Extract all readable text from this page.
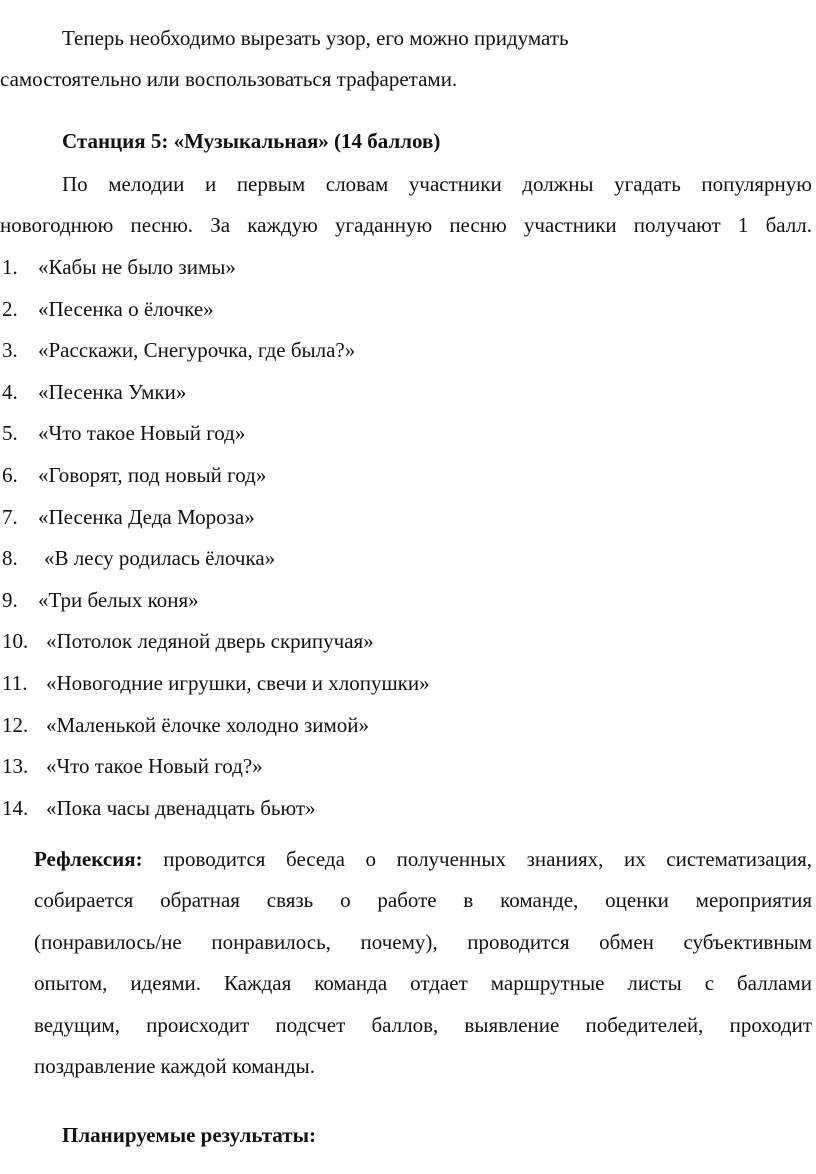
Теперь необходимо вырезать узор, его можно придумать
самостоятельно или воспользоваться трафаретами.
Станция 5: «Музыкальная» (14 баллов)
По мелодии и первым словам участники должны угадать популярную
новогоднюю песню. За каждую угаданную песню участники получают 1 балл.
1. «Кабы не было зимы»
2. «Песенка о ёлочке»
3. «Расскажи, Снегурочка, где была?»
4. «Песенка Умки»
5. «Что такое Новый год»
6. «Говорят, под новый год»
7. «Песенка Деда Мороза»
8. «В лесу родилась ёлочка»
9. «Три белых коня»
10. «Потолок ледяной дверь скрипучая»
11. «Новогодние игрушки, свечи и хлопушки»
12. «Маленькой ёлочке холодно зимой»
13. «Что такое Новый год?»
14. «Пока часы двенадцать бьют»
Рефлексия: проводится беседа о полученных знаниях, их систематизация,
собирается обратная связь о работе в команде, оценки мероприятия
(понравилось/не понравилось, почему), проводится обмен субъективным
опытом, идеями. Каждая команда отдает маршрутные листы с баллами
ведущим, происходит подсчет баллов, выявление победителей, проходит
поздравление каждой команды.
Планируемые результаты:
